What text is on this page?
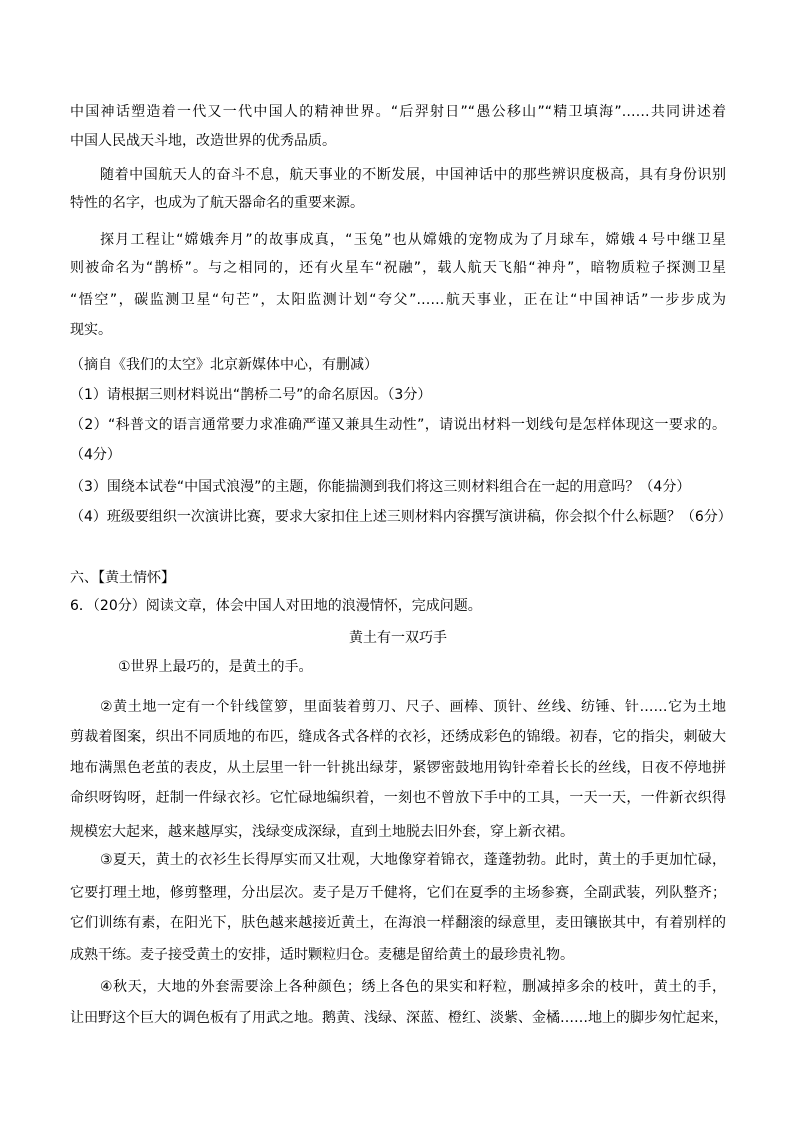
中国神话塑造着一代又一代中国人的精神世界。“后羿射日”“愚公移山”“精卫填海”……共同讲述着
中国人民战天斗地，改造世界的优秀品质。
随着中国航天人的奋斗不息，航天事业的不断发展，中国神话中的那些辨识度极高，具有身份识别
特性的名字，也成为了航天器命名的重要来源。
探月工程让“嫦娥奔月”的故事成真，“玉兔”也从嫦娥的宠物成为了月球车，嫦娥４号中继卫星
则被命名为“鹊桥”。与之相同的，还有火星车“祝融”，载人航天飞船“神舟”，暗物质粒子探测卫星
“悟空”，碳监测卫星“句芒”，太阳监测计划“夸父”……航天事业，正在让“中国神话”一步步成为
现实。
（摘自《我们的太空》北京新媒体中心，有删减）
（1）请根据三则材料说出“鹊桥二号”的命名原因。（3分）
（2）“科普文的语言通常要力求准确严谨又兼具生动性”，请说出材料一划线句是怎样体现这一要求的。
（4分）
（3）围绕本试卷“中国式浪漫”的主题，你能揣测到我们将这三则材料组合在一起的用意吗？（4分）
（4）班级要组织一次演讲比赛，要求大家扣住上述三则材料内容撰写演讲稿，你会拟个什么标题？（6分）
六、【黄土情怀】
6．（20分）阅读文章，体会中国人对田地的浪漫情怀，完成问题。
黄土有一双巧手
①世界上最巧的，是黄土的手。
②黄土地一定有一个针线筐箩，里面装着剪刀、尺子、画棒、顶针、丝线、纺锤、针……它为土地
剪裁着图案，织出不同质地的布匹，缝成各式各样的衣衫，还绣成彩色的锦缎。初春，它的指尖，刺破大
地布满黑色老茧的表皮，从土层里一针一针挑出绿芽，紧锣密鼓地用钩针牵着长长的丝线，日夜不停地拼
命织呀钩呀，赶制一件绿衣衫。它忙碌地编织着，一刻也不曾放下手中的工具，一天一天，一件新衣织得
规模宏大起来，越来越厚实，浅绿变成深绿，直到土地脱去旧外套，穿上新衣裙。
③夏天，黄土的衣衫生长得厚实而又壮观，大地像穿着锦衣，蓬蓬勃勃。此时，黄土的手更加忙碌，
它要打理土地，修剪整理，分出层次。麦子是万千健将，它们在夏季的主场参赛，全副武装，列队整齐；
它们训练有素，在阳光下，肤色越来越接近黄土，在海浪一样翻滚的绿意里，麦田镶嵌其中，有着别样的
成熟干练。麦子接受黄土的安排，适时颗粒归仓。麦穗是留给黄土的最珍贵礼物。
④秋天，大地的外套需要涂上各种颜色；绣上各色的果实和籽粒，删减掉多余的枝叶，黄土的手，
让田野这个巨大的调色板有了用武之地。鹅黄、浅绿、深蓝、橙红、淡紫、金橘……地上的脚步匆忙起来，
